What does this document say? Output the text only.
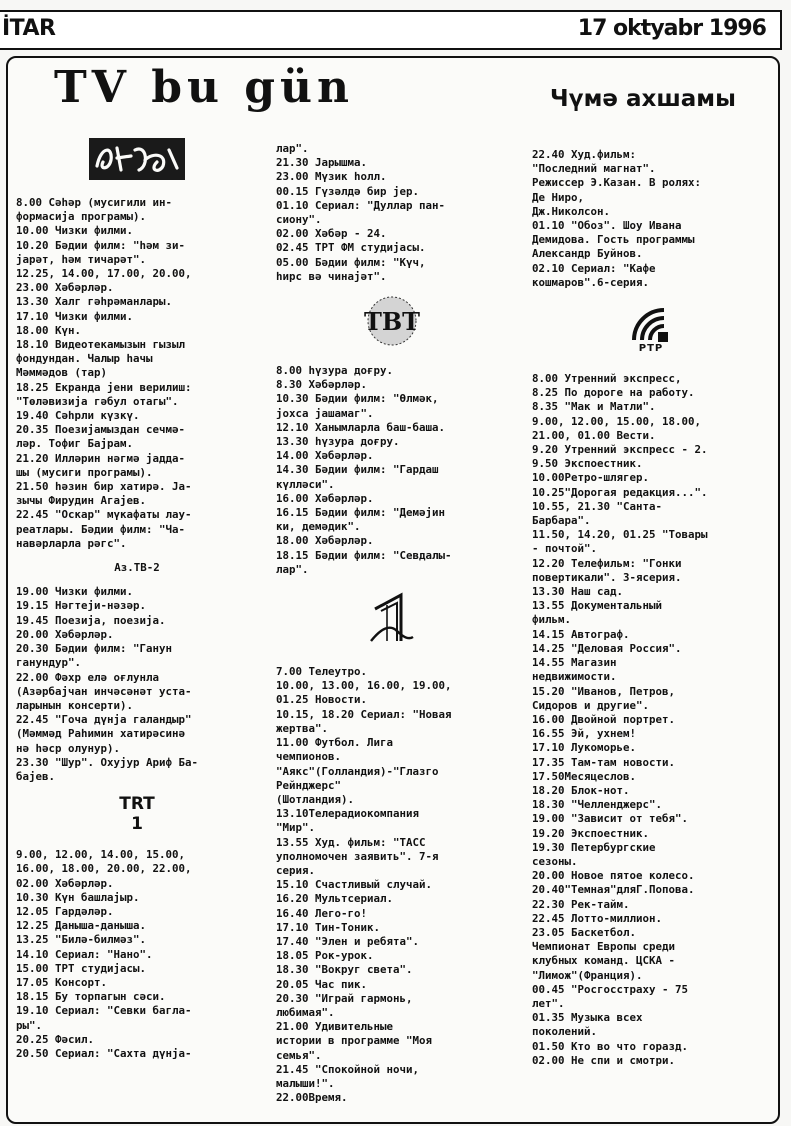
İTAR	17 oktyabr 1996
TV bu gün	Чүмә ахшамы

8.00 Сәһәр (мусигили ин-

формасија програмы).

10.00 Чизки филми.

10.20 Бәдии филм: "һәм зи-

јарәт, һәм тичарәт".

12.25, 14.00, 17.00, 20.00,

23.00 Хәбәрләр.

13.30 Халг гәһрәманлары.

17.10 Чизки филми.

18.00 Күн.

18.10 Видеотекамызын гызыл

фондундан. Чалыр һачы

Мәммәдов (тар)

18.25 Екранда јени верилиш:

"Төләвизија гәбул отагы".

19.40 Сәһрли күзкү.

20.35 Поезијамыздан сечмә-

ләр. Тофиг Бајрам.

21.20 Илләрин нәгмә јадда-

шы (мусиги програмы).

21.50 һәзин бир хатирә. Ја-

зычы Фирудин Агајев.

22.45 "Оскар" мүкафаты лау-

реатлары. Бәдии филм: "Ча-

навәрларла рәгс".

Аз.ТВ-2

19.00 Чизки филми.

19.15 Нәгтеји-нәзәр.

19.45 Поезија, поезија.

20.00 Хәбәрләр.

20.30 Бәдии филм: "Ганун

ганундур".

22.00 Фәхр елә оғлунла

(Азәрбајчан инчәсәнәт уста-

ларынын консерти).

22.45 "Гоча дүнја галандыр"

(Мәммәд Раһимин хатирәсинә

нә һәср олунур).

23.30 "Шур". Охујур Ариф Ба-

бајев.

TRT
1

9.00, 12.00, 14.00, 15.00,

16.00, 18.00, 20.00, 22.00,

02.00 Хәбәрләр.

10.30 Күн башлаjыр.

12.05 Гардәләр.

12.25 Даныша-даныша.

13.25 "Билә-билмәз".

14.10 Сериал: "Нано".

15.00 ТРТ студијасы.

17.05 Консорт.

18.15 Бу торпагын сәси.

19.10 Сериал: "Севки багла-

ры".

20.25 Фәсил.

20.50 Сериал: "Сахта дүнја-

лар".

21.30 Јарышма.

23.00 Мүзик һолл.

00.15 Гүзәлдә бир јер.

01.10 Сериал: "Дуллар пан-

сиону".

02.00 Хәбәр - 24.

02.45 ТРТ ФМ студијасы.

05.00 Бәдии филм: "Күч,

һирс вә чинаjәт".

TBT

8.00 һүзура доғру.

8.30 Хәбәрләр.

10.30 Бәдии филм: "Өлмәк,

јохса јашамаг".

12.10 Ханымларла баш-баша.

13.30 һүзура доғру.

14.00 Хәбәрләр.

14.30 Бәдии филм: "Гардаш

күлләси".

16.00 Хәбәрләр.

16.15 Бәдии филм: "Демәјин

ки, демәдик".

18.00 Хәбәрләр.

18.15 Бәдии филм: "Севдалы-

лар".

7.00 Телеутро.

10.00, 13.00, 16.00, 19.00,

01.25 Новости.

10.15, 18.20 Сериал: "Новая

жертва".

11.00 Футбол. Лига

чемпионов.

"Аякс"(Голландия)-"Глазго

Рейнджерс"

(Шотландия).

13.10Телерадиокомпания

"Мир".

13.55 Худ. фильм: "ТАСС

уполномочен заявить". 7-я

серия.

15.10 Счастливый случай.

16.20 Мультсериал.

16.40 Лего-го!

17.10 Тин-Тоник.

17.40 "Элен и ребята".

18.05 Рок-урок.

18.30 "Вокруг света".

20.05 Час пик.

20.30 "Играй гармонь,

любимая".

21.00 Удивительные

истории в программе "Моя

семья".

21.45 "Спокойной ночи,

малыши!".

22.00Время.

22.40 Худ.фильм:

"Последний магнат".

Режиссер Э.Казан. В ролях:

Де Ниро,

Дж.Николсон.

01.10 "Обоз". Шоу Ивана

Демидова. Гость программы

Александр Буйнов.

02.10 Сериал: "Кафе

кошмаров".6-серия.

РТР

8.00 Утренний экспресс,

8.25 По дороге на работу.

8.35 "Мак и Матли".

9.00, 12.00, 15.00, 18.00,

21.00, 01.00 Вести.

9.20 Утренний экспресс - 2.

9.50 Экспоестник.

10.00Ретро-шлягер.

10.25"Дорогая редакция...".

10.55, 21.30 "Санта-

Барбара".

11.50, 14.20, 01.25 "Товары

- почтой".

12.20 Телефильм: "Гонки

повертикали". 3-ясерия.

13.30 Наш сад.

13.55 Документальный

фильм.

14.15 Автограф.

14.25 "Деловая Россия".

14.55 Магазин

недвижимости.

15.20 "Иванов, Петров,

Сидоров и другие".

16.00 Двойной портрет.

16.55 Эй, ухнем!

17.10 Лукоморье.

17.35 Там-там новости.

17.50Месяцеслов.

18.20 Блок-нот.

18.30 "Челленджерс".

19.00 "Зависит от тебя".

19.20 Экспоестник.

19.30 Петербургские

сезоны.

20.00 Новое пятое колесо.

20.40"Темная"дляГ.Попова.

22.30 Рек-тайм.

22.45 Лотто-миллион.

23.05 Баскетбол.

Чемпионат Европы среди

клубных команд. ЦСКА -

"Лимож"(Франция).

00.45 "Росгосстраху - 75

лет".

01.35 Музыка всех

поколений.

01.50 Кто во что горазд.

02.00 Не спи и смотри.
